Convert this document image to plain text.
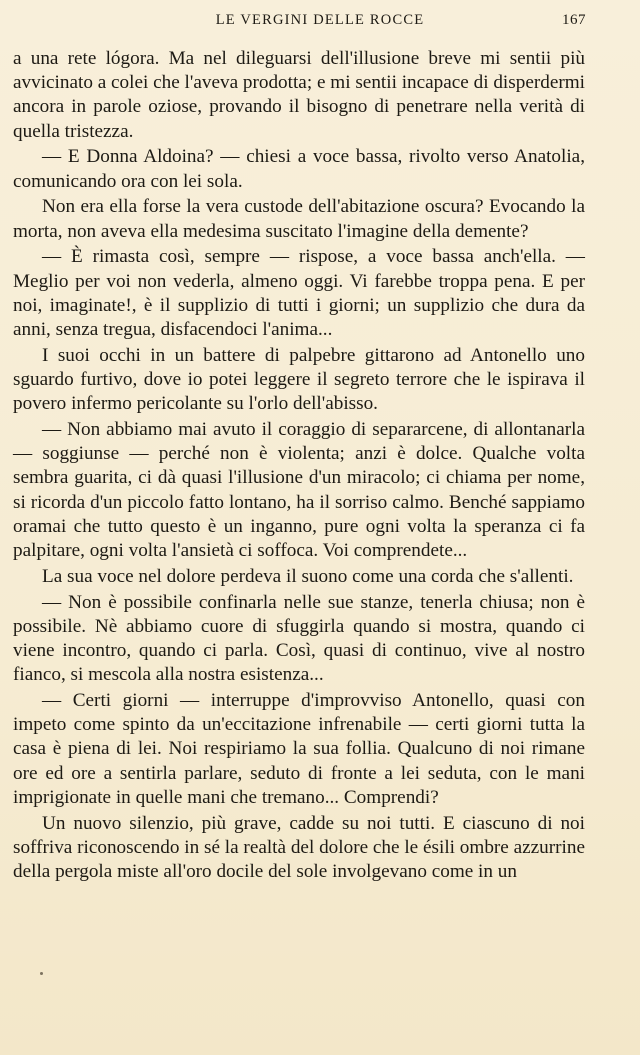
LE VERGINI DELLE ROCCE	167

a una rete lógora. Ma nel dileguarsi dell'illusione breve mi sentii più avvicinato a colei che l'aveva prodotta; e mi sentii incapace di disperdermi ancora in parole oziose, provando il bisogno di penetrare nella verità di quella tristezza.

— E Donna Aldoina? — chiesi a voce bassa, rivolto verso Anatolia, comunicando ora con lei sola.

Non era ella forse la vera custode dell'abitazione oscura? Evocando la morta, non aveva ella medesima suscitato l'imagine della demente?

— È rimasta così, sempre — rispose, a voce bassa anch'ella. — Meglio per voi non vederla, almeno oggi. Vi farebbe troppa pena. E per noi, imaginate!, è il supplizio di tutti i giorni; un supplizio che dura da anni, senza tregua, disfacendoci l'anima...

I suoi occhi in un battere di palpebre gittarono ad Antonello uno sguardo furtivo, dove io potei leggere il segreto terrore che le ispirava il povero infermo pericolante su l'orlo dell'abisso.

— Non abbiamo mai avuto il coraggio di separarcene, di allontanarla — soggiunse — perché non è violenta; anzi è dolce. Qualche volta sembra guarita, ci dà quasi l'illusione d'un miracolo; ci chiama per nome, si ricorda d'un piccolo fatto lontano, ha il sorriso calmo. Benché sappiamo oramai che tutto questo è un inganno, pure ogni volta la speranza ci fa palpitare, ogni volta l'ansietà ci soffoca. Voi comprendete...

La sua voce nel dolore perdeva il suono come una corda che s'allenti.

— Non è possibile confinarla nelle sue stanze, tenerla chiusa; non è possibile. Nè abbiamo cuore di sfuggirla quando si mostra, quando ci viene incontro, quando ci parla. Così, quasi di continuo, vive al nostro fianco, si mescola alla nostra esistenza...

— Certi giorni — interruppe d'improvviso Antonello, quasi con impeto come spinto da un'eccitazione infrenabile — certi giorni tutta la casa è piena di lei. Noi respiriamo la sua follia. Qualcuno di noi rimane ore ed ore a sentirla parlare, seduto di fronte a lei seduta, con le mani imprigionate in quelle mani che tremano... Comprendi?

Un nuovo silenzio, più grave, cadde su noi tutti. E ciascuno di noi soffriva riconoscendo in sé la realtà del dolore che le ésili ombre azzurrine della pergola miste all'oro docile del sole involgevano come in un
